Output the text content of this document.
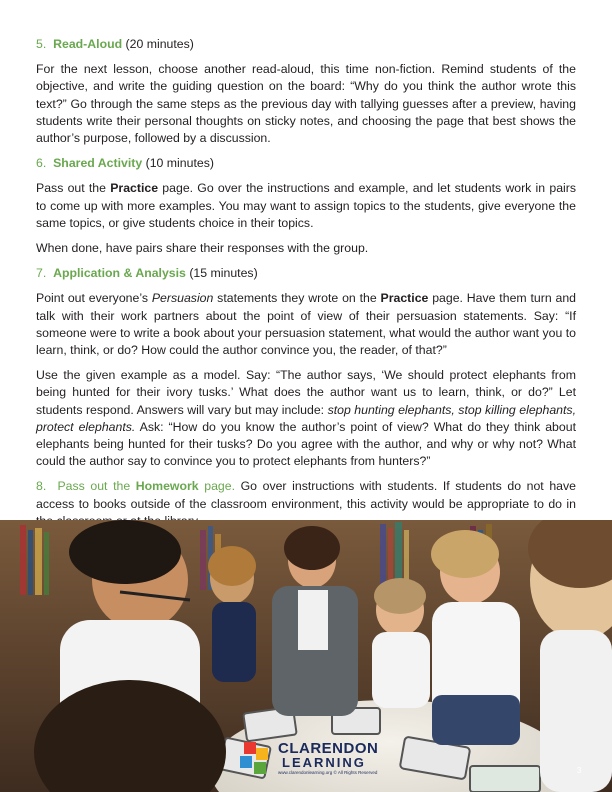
5. Read-Aloud (20 minutes)

For the next lesson, choose another read-aloud, this time non-fiction. Remind students of the objective, and write the guiding question on the board: “Why do you think the author wrote this text?” Go through the same steps as the previous day with tallying guesses after a preview, having students write their personal thoughts on sticky notes, and choosing the page that best shows the author’s purpose, followed by a discussion.

6. Shared Activity (10 minutes)

Pass out the Practice page. Go over the instructions and example, and let students work in pairs to come up with more examples. You may want to assign topics to the students, give everyone the same topics, or give students choice in their topics.

When done, have pairs share their responses with the group.

7. Application & Analysis (15 minutes)

Point out everyone’s Persuasion statements they wrote on the Practice page. Have them turn and talk with their work partners about the point of view of their persuasion statements. Say: “If someone were to write a book about your persuasion statement, what would the author want you to learn, think, or do? How could the author convince you, the reader, of that?”

Use the given example as a model. Say: “The author says, ‘We should protect elephants from being hunted for their ivory tusks.’ What does the author want us to learn, think, or do?” Let students respond. Answers will vary but may include: stop hunting elephants, stop killing elephants, protect elephants. Ask: “How do you know the author’s point of view? What do they think about elephants being hunted for their tusks? Do you agree with the author, and why or why not? What could the author say to convince you to protect elephants from hunters?”

8. Pass out the Homework page. Go over instructions with students. If students do not have access to books outside of the classroom environment, this activity would be appropriate to do in

CLARENDON
LEARNING
www.clarendonlearning.org © All Rights Reserved	3
